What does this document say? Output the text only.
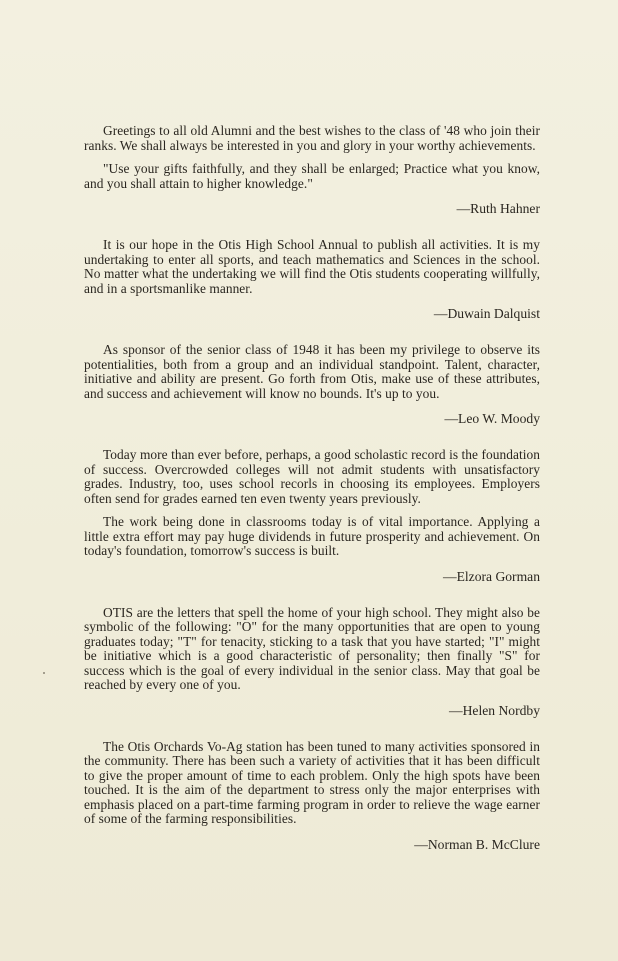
Greetings to all old Alumni and the best wishes to the class of '48 who join their ranks. We shall always be interested in you and glory in your worthy achievements.

"Use your gifts faithfully, and they shall be enlarged; Practice what you know, and you shall attain to higher knowledge."

—Ruth Hahner

It is our hope in the Otis High School Annual to publish all activities. It is my undertaking to enter all sports, and teach mathematics and Sciences in the school. No matter what the undertaking we will find the Otis students cooperating willfully, and in a sportsmanlike manner.

—Duwain Dalquist

As sponsor of the senior class of 1948 it has been my privilege to observe its potentialities, both from a group and an individual standpoint. Talent, character, initiative and ability are present. Go forth from Otis, make use of these attributes, and success and achievement will know no bounds. It's up to you.

—Leo W. Moody

Today more than ever before, perhaps, a good scholastic record is the foundation of success. Overcrowded colleges will not admit students with unsatisfactory grades. Industry, too, uses school recorls in choosing its employees. Employers often send for grades earned ten even twenty years previously.

The work being done in classrooms today is of vital importance. Applying a little extra effort may pay huge dividends in future prosperity and achievement. On today's foundation, tomorrow's success is built.

—Elzora Gorman

OTIS are the letters that spell the home of your high school. They might also be symbolic of the following: "O" for the many opportunities that are open to young graduates today; "T" for tenacity, sticking to a task that you have started; "I" might be initiative which is a good characteristic of personality; then finally "S" for success which is the goal of every individual in the senior class. May that goal be reached by every one of you.

—Helen Nordby

The Otis Orchards Vo-Ag station has been tuned to many activities sponsored in the community. There has been such a variety of activities that it has been difficult to give the proper amount of time to each problem. Only the high spots have been touched. It is the aim of the department to stress only the major enterprises with emphasis placed on a part-time farming program in order to relieve the wage earner of some of the farming responsibilities.

—Norman B. McClure
